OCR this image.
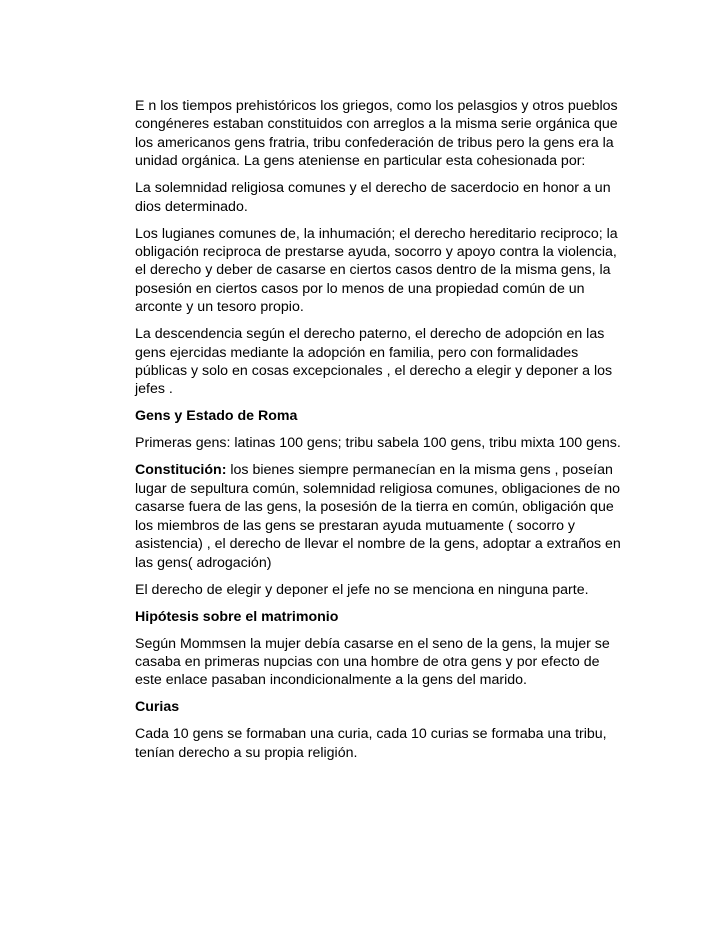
E n los tiempos prehistóricos los griegos, como los pelasgios y otros pueblos congéneres estaban constituidos con arreglos a la misma serie orgánica que los americanos gens fratria, tribu confederación de tribus pero la gens era la unidad orgánica. La gens ateniense en particular esta cohesionada por:

La solemnidad religiosa comunes y el derecho de sacerdocio en honor a un dios determinado.

Los lugianes comunes de, la inhumación; el derecho hereditario reciproco; la obligación reciproca de prestarse ayuda, socorro y apoyo contra la violencia, el derecho y deber de casarse en ciertos casos dentro de la misma gens, la posesión en ciertos casos por lo menos de una propiedad común de un arconte y un tesoro propio.

La descendencia según el derecho paterno, el derecho de adopción en las gens ejercidas mediante la adopción en familia, pero con formalidades públicas y solo en cosas excepcionales , el derecho a elegir y deponer a los jefes .

Gens y Estado de Roma

Primeras gens: latinas 100 gens; tribu sabela 100 gens, tribu mixta 100 gens.

Constitución: los bienes siempre permanecían en la misma gens , poseían lugar de sepultura común, solemnidad religiosa comunes, obligaciones de no casarse fuera de las gens, la posesión de la tierra en común, obligación que los miembros de las gens se prestaran ayuda mutuamente ( socorro y asistencia) , el derecho de llevar el nombre de la gens, adoptar a extraños en las gens( adrogación)

El derecho de elegir y deponer el jefe no se menciona en ninguna parte.

Hipótesis sobre el matrimonio

Según Mommsen la mujer debía casarse en el seno de la gens, la mujer se casaba en primeras nupcias con una hombre de otra gens y por efecto de este enlace pasaban incondicionalmente a la gens del marido.

Curias

Cada 10 gens se formaban una curia, cada 10 curias se formaba una tribu, tenían derecho a su propia religión.
